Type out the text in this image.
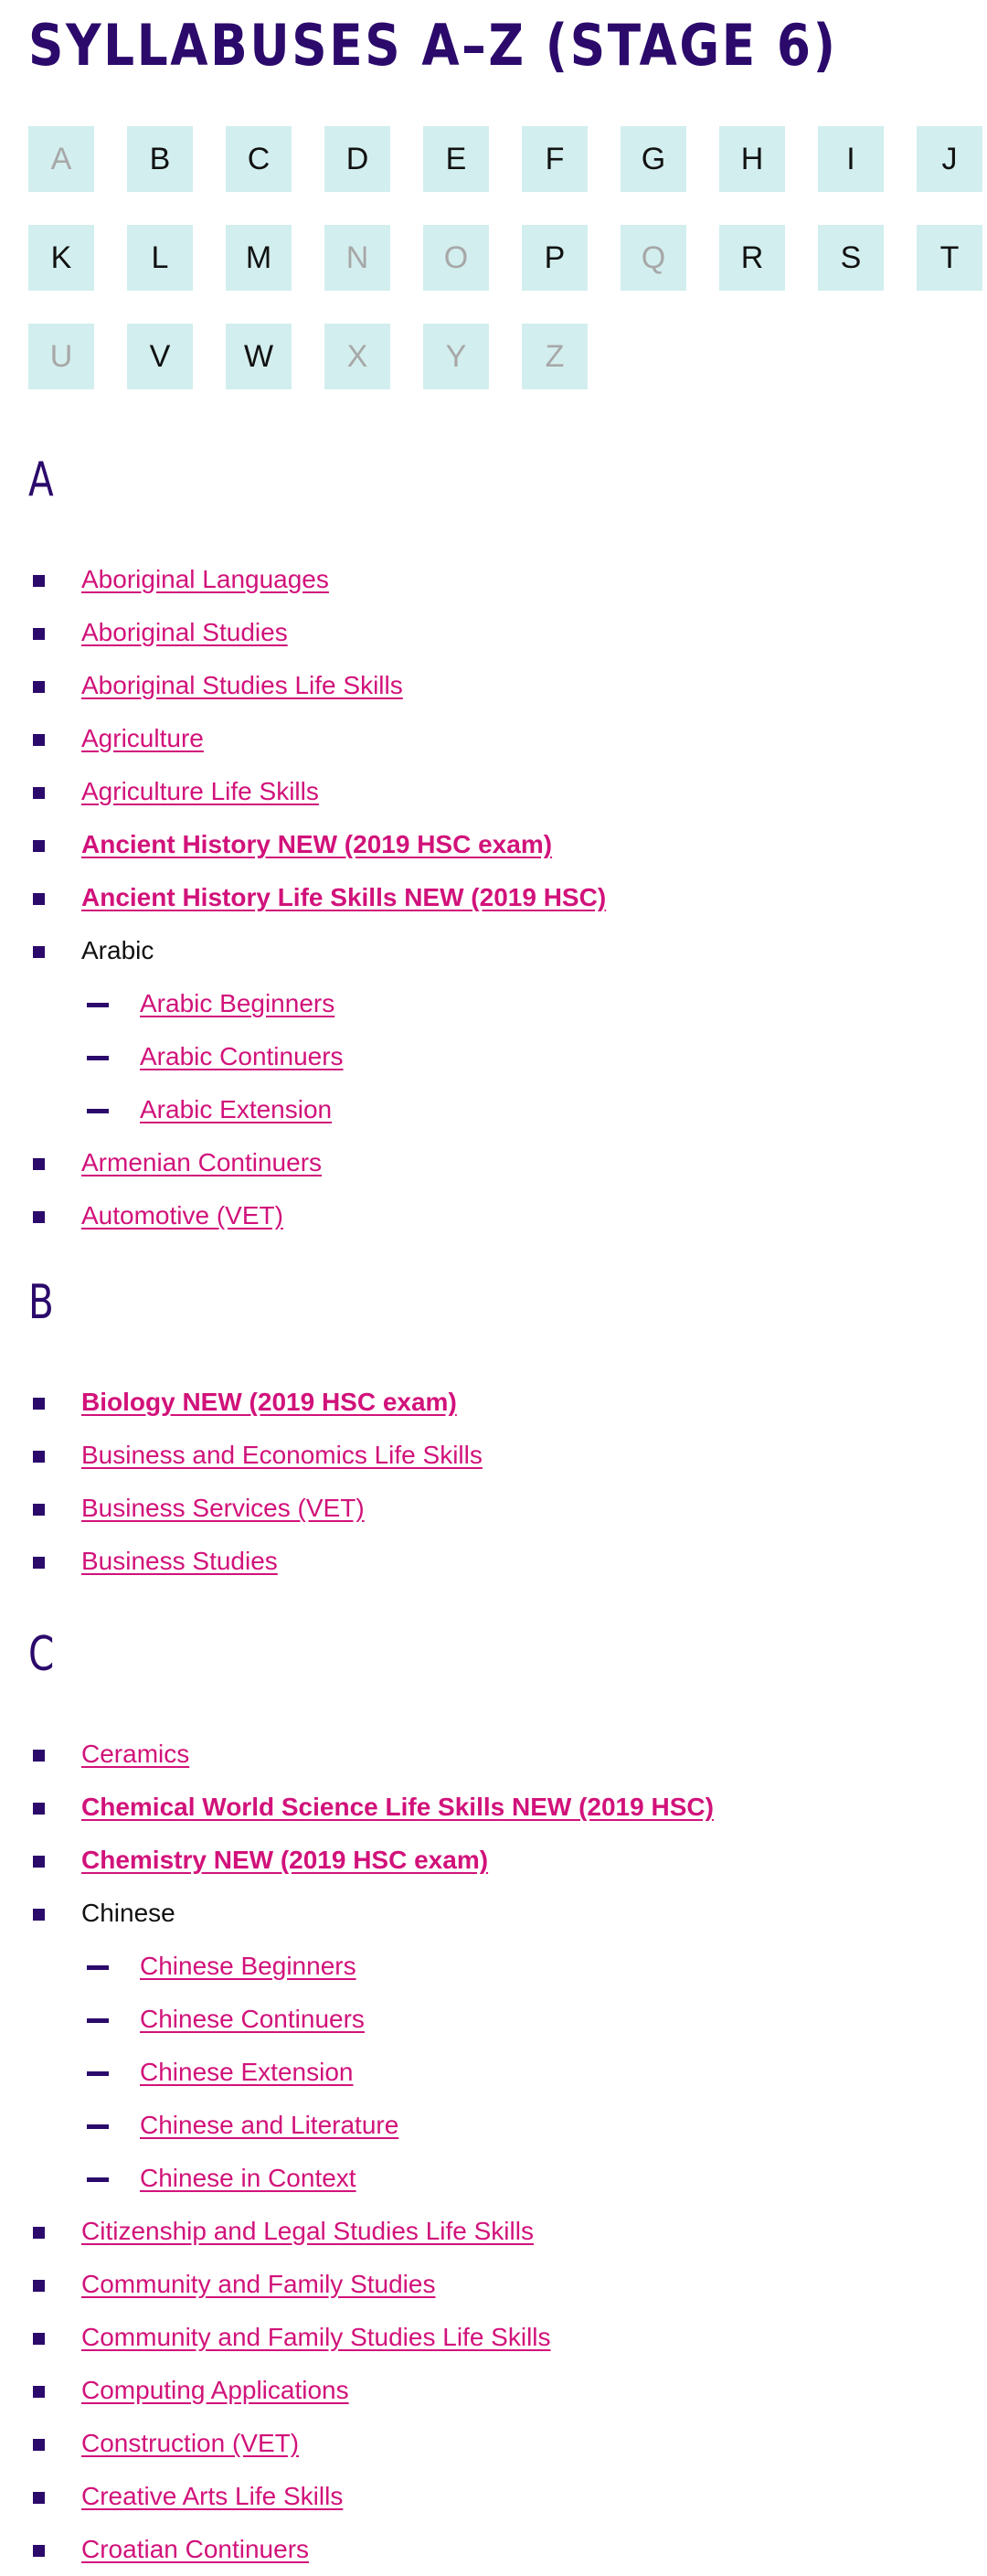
SYLLABUSES A–Z (STAGE 6)
A	B	C	D	E	F	G	H	I	J
K	L	M	N	O	P	Q	R	S	T
U	V	W	X	Y	Z
A
Aboriginal Languages
Aboriginal Studies
Aboriginal Studies Life Skills
Agriculture
Agriculture Life Skills
Ancient History NEW (2019 HSC exam)
Ancient History Life Skills NEW (2019 HSC)
Arabic
Arabic Beginners
Arabic Continuers
Arabic Extension
Armenian Continuers
Automotive (VET)
B
Biology NEW (2019 HSC exam)
Business and Economics Life Skills
Business Services (VET)
Business Studies
C
Ceramics
Chemical World Science Life Skills NEW (2019 HSC)
Chemistry NEW (2019 HSC exam)
Chinese
Chinese Beginners
Chinese Continuers
Chinese Extension
Chinese and Literature
Chinese in Context
Citizenship and Legal Studies Life Skills
Community and Family Studies
Community and Family Studies Life Skills
Computing Applications
Construction (VET)
Creative Arts Life Skills
Croatian Continuers
